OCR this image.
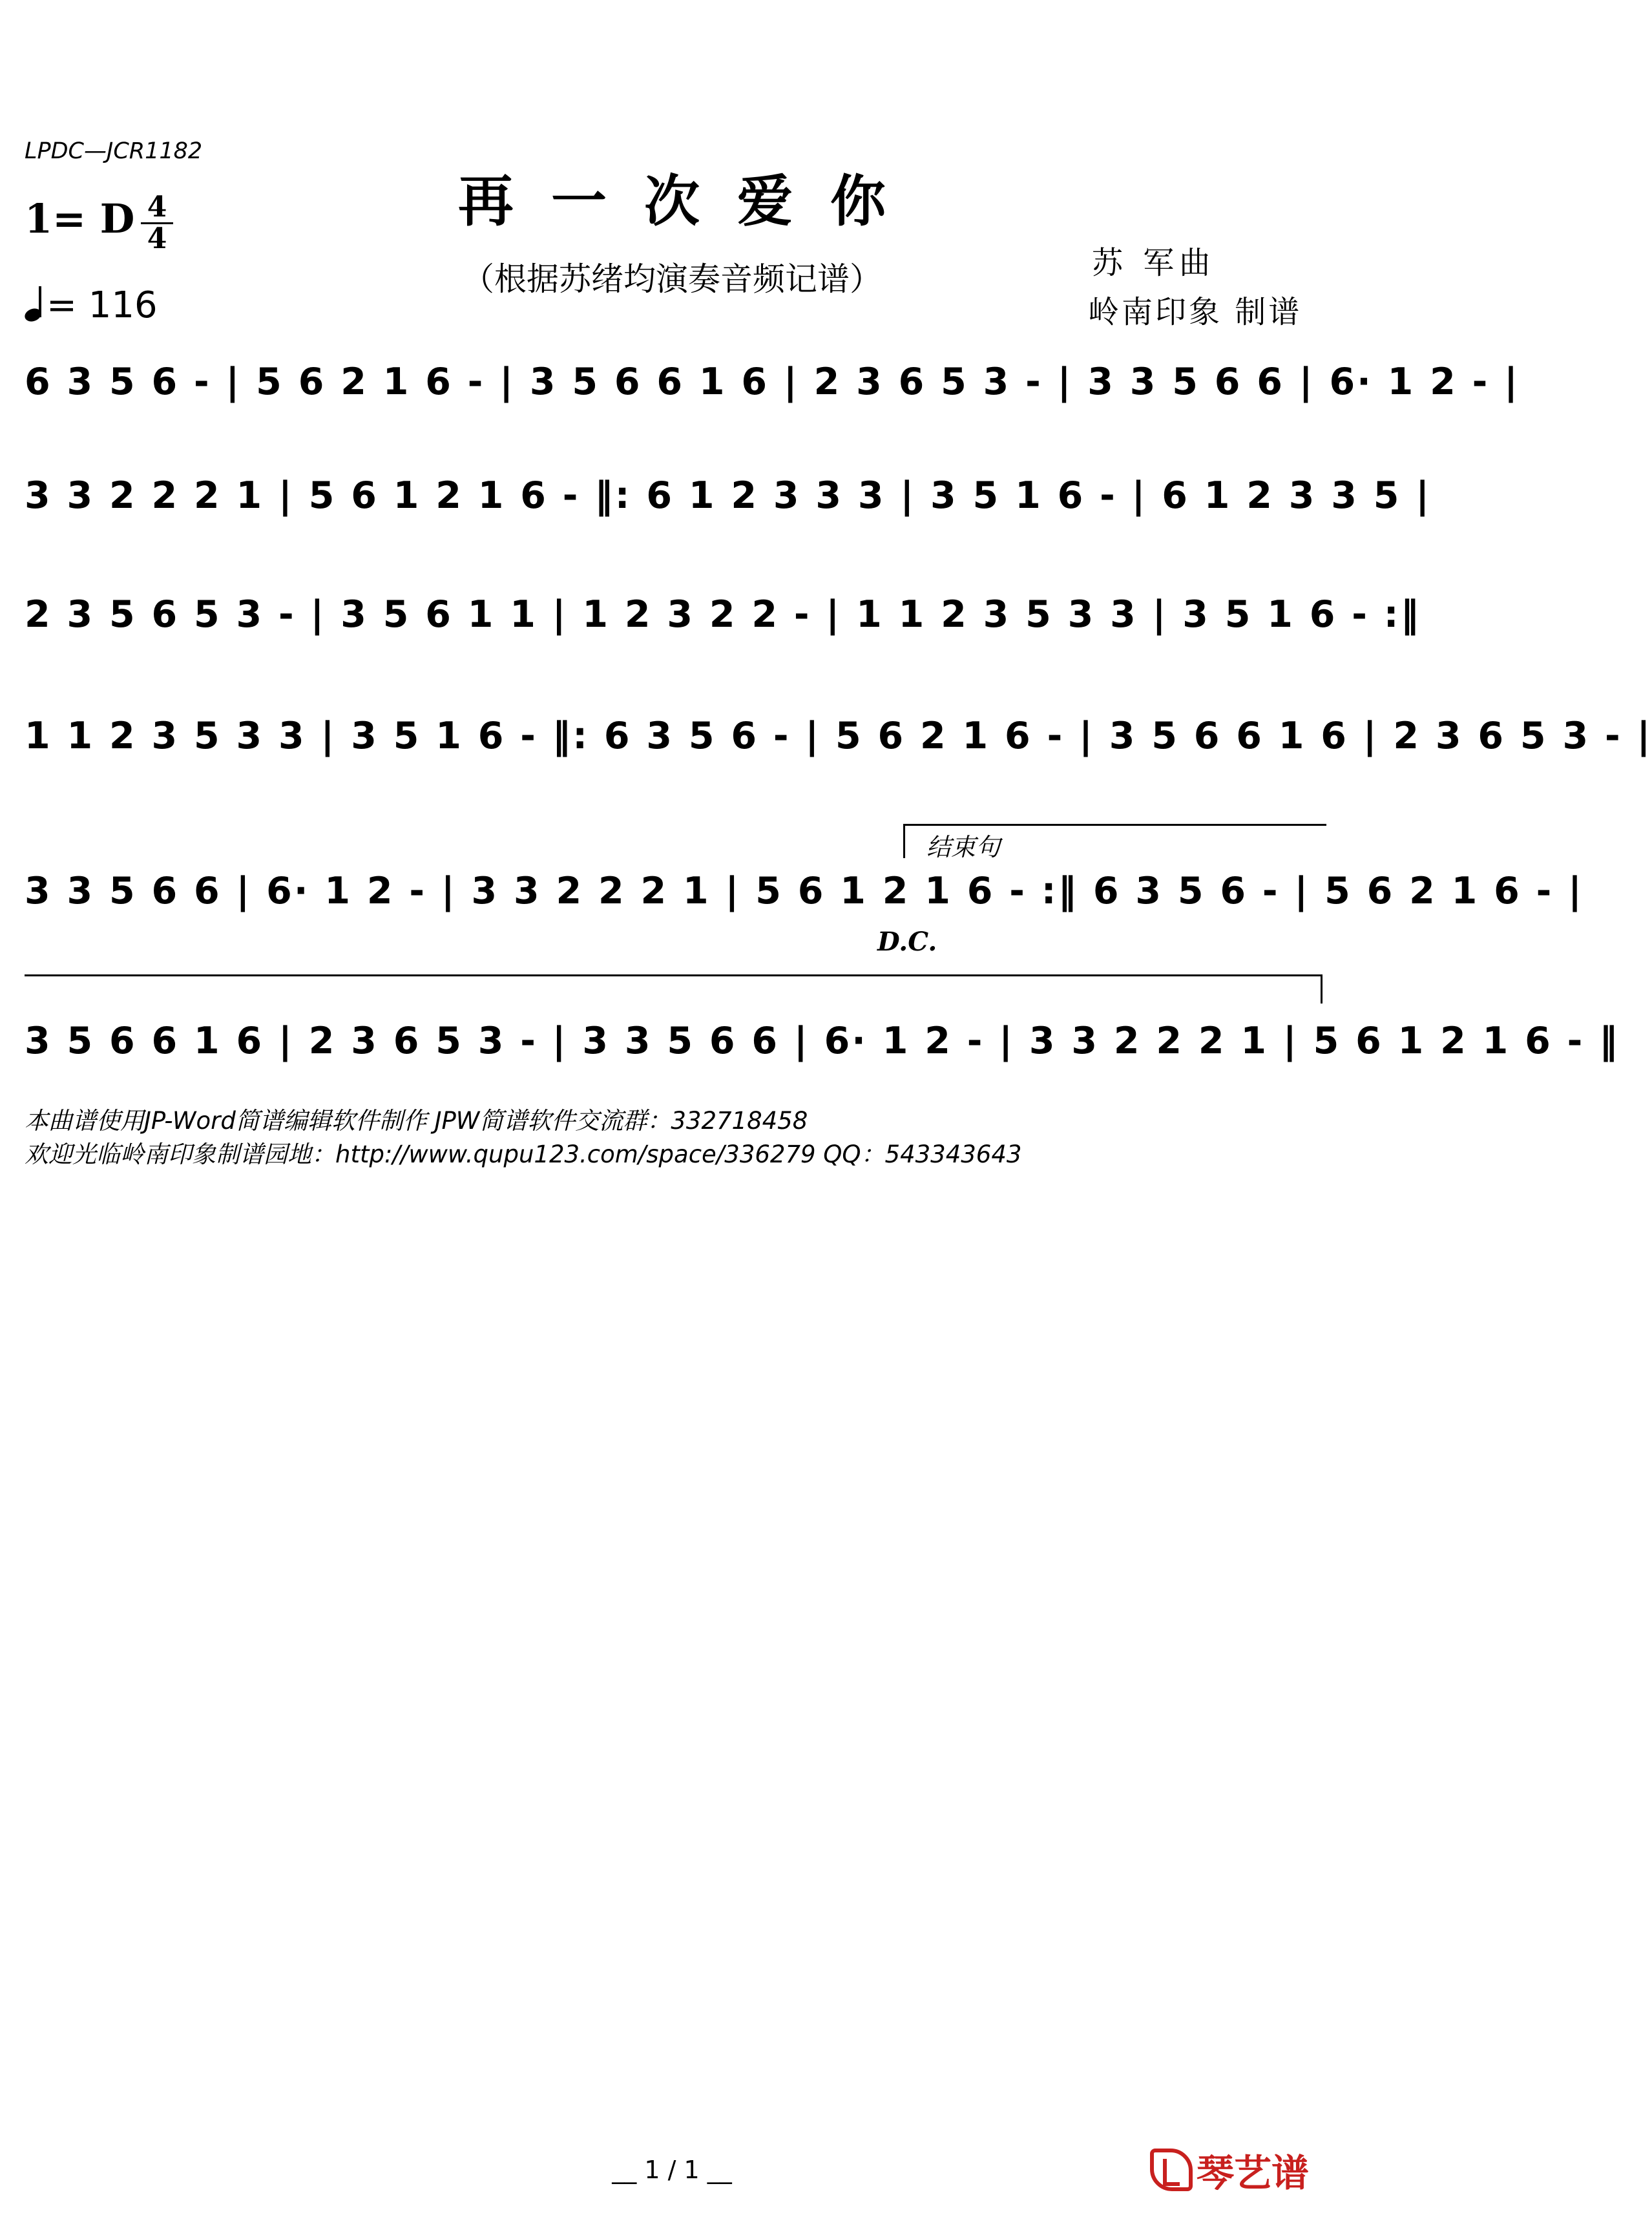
LPDC—JCR1182
再一次爱你
（根据苏绪均演奏音频记谱）
1= D 4
4
= 116
苏 军曲
岭南印象 制谱
6 3 5 6 - | 5 6 2 1 6 - | 3 5 6 6 1 6 | 2 3 6 5 3 - | 3 3 5 6 6 | 6· 1 2 - |
3 3 2 2 2 1 | 5 6 1 2 1 6 - ‖: 6 1 2 3 3 3 | 3 5 1 6 - | 6 1 2 3 3 5 |
2 3 5 6 5 3 - | 3 5 6 1 1 | 1 2 3 2 2 - | 1 1 2 3 5 3 3 | 3 5 1 6 - :‖
1 1 2 3 5 3 3 | 3 5 1 6 - ‖: 6 3 5 6 - | 5 6 2 1 6 - | 3 5 6 6 1 6 | 2 3 6 5 3 - |
结束句
3 3 5 6 6 | 6· 1 2 - | 3 3 2 2 2 1 | 5 6 1 2 1 6 - :‖ 6 3 5 6 - | 5 6 2 1 6 - |
D.C.
3 5 6 6 1 6 | 2 3 6 5 3 - | 3 3 5 6 6 | 6· 1 2 - | 3 3 2 2 2 1 | 5 6 1 2 1 6 - ‖
本曲谱使用JP-Word简谱编辑软件制作 JPW简谱软件交流群：332718458
欢迎光临岭南印象制谱园地：http://www.qupu123.com/space/336279 QQ：543343643
__ 1 / 1 __	琴艺谱
